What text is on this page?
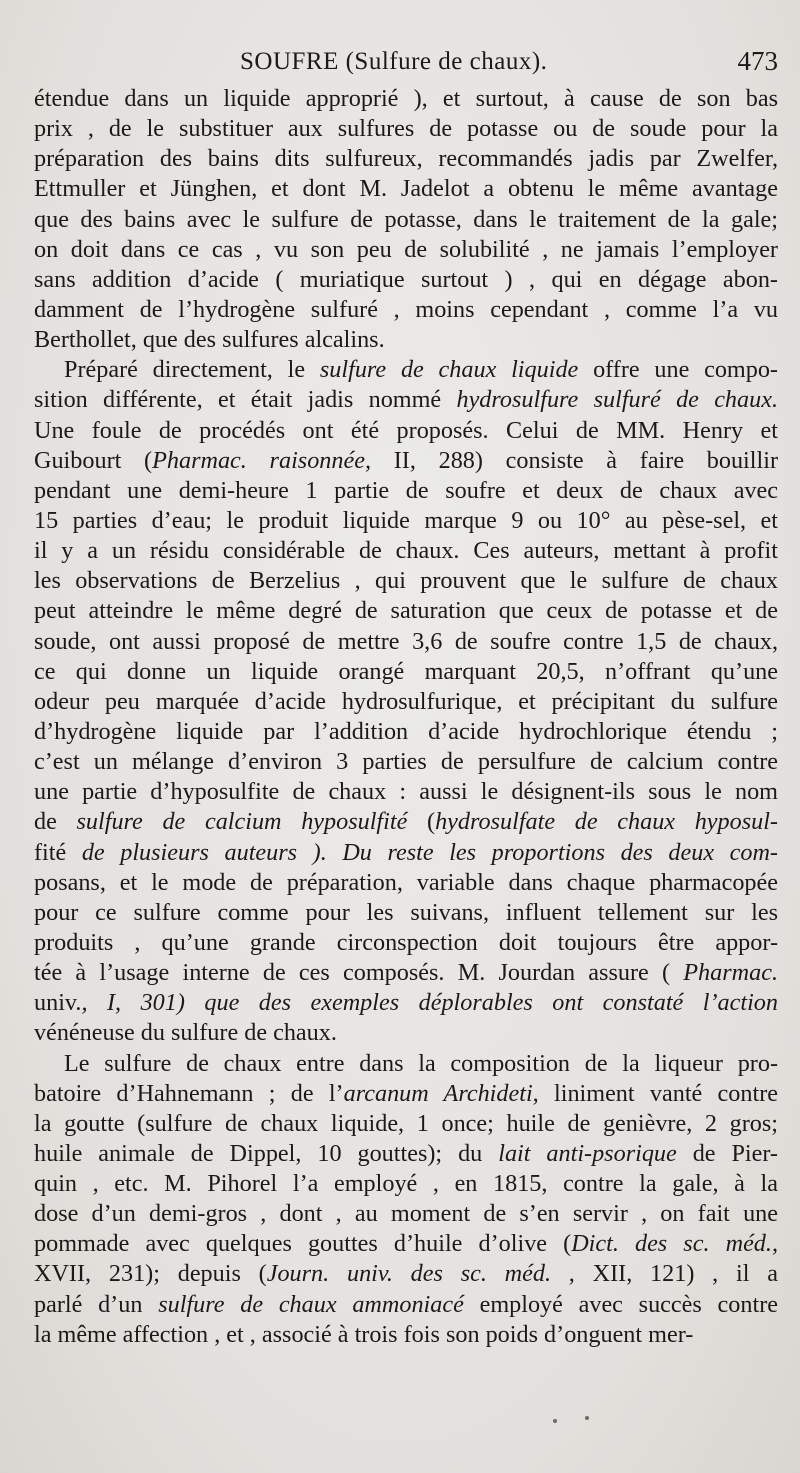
SOUFRE (Sulfure de chaux).	473
étendue dans un liquide approprié ), et surtout, à cause de son bas
prix , de le substituer aux sulfures de potasse ou de soude pour la
préparation des bains dits sulfureux, recommandés jadis par Zwelfer,
Ettmuller et Jünghen, et dont M. Jadelot a obtenu le même avantage
que des bains avec le sulfure de potasse, dans le traitement de la gale;
on doit dans ce cas , vu son peu de solubilité , ne jamais l’employer
sans addition d’acide ( muriatique surtout ) , qui en dégage abon-
damment de l’hydrogène sulfuré , moins cependant , comme l’a vu
Berthollet, que des sulfures alcalins.
Préparé directement, le sulfure de chaux liquide offre une compo-
sition différente, et était jadis nommé hydrosulfure sulfuré de chaux.
Une foule de procédés ont été proposés. Celui de MM. Henry et
Guibourt (Pharmac. raisonnée, II, 288) consiste à faire bouillir
pendant une demi-heure 1 partie de soufre et deux de chaux avec
15 parties d’eau; le produit liquide marque 9 ou 10° au pèse-sel, et
il y a un résidu considérable de chaux. Ces auteurs, mettant à profit
les observations de Berzelius , qui prouvent que le sulfure de chaux
peut atteindre le même degré de saturation que ceux de potasse et de
soude, ont aussi proposé de mettre 3,6 de soufre contre 1,5 de chaux,
ce qui donne un liquide orangé marquant 20,5, n’offrant qu’une
odeur peu marquée d’acide hydrosulfurique, et précipitant du sulfure
d’hydrogène liquide par l’addition d’acide hydrochlorique étendu ;
c’est un mélange d’environ 3 parties de persulfure de calcium contre
une partie d’hyposulfite de chaux : aussi le désignent-ils sous le nom
de sulfure de calcium hyposulfité (hydrosulfate de chaux hyposul-
fité de plusieurs auteurs ). Du reste les proportions des deux com-
posans, et le mode de préparation, variable dans chaque pharmacopée
pour ce sulfure comme pour les suivans, influent tellement sur les
produits , qu’une grande circonspection doit toujours être appor-
tée à l’usage interne de ces composés. M. Jourdan assure ( Pharmac.
univ., I, 301) que des exemples déplorables ont constaté l’action
vénéneuse du sulfure de chaux.
Le sulfure de chaux entre dans la composition de la liqueur pro-
batoire d’Hahnemann ; de l’arcanum Archideti, liniment vanté contre
la goutte (sulfure de chaux liquide, 1 once; huile de genièvre, 2 gros;
huile animale de Dippel, 10 gouttes); du lait anti-psorique de Pier-
quin , etc. M. Pihorel l’a employé , en 1815, contre la gale, à la
dose d’un demi-gros , dont , au moment de s’en servir , on fait une
pommade avec quelques gouttes d’huile d’olive (Dict. des sc. méd.,
XVII, 231); depuis (Journ. univ. des sc. méd. , XII, 121) , il a
parlé d’un sulfure de chaux ammoniacé employé avec succès contre
la même affection , et , associé à trois fois son poids d’onguent mer-
